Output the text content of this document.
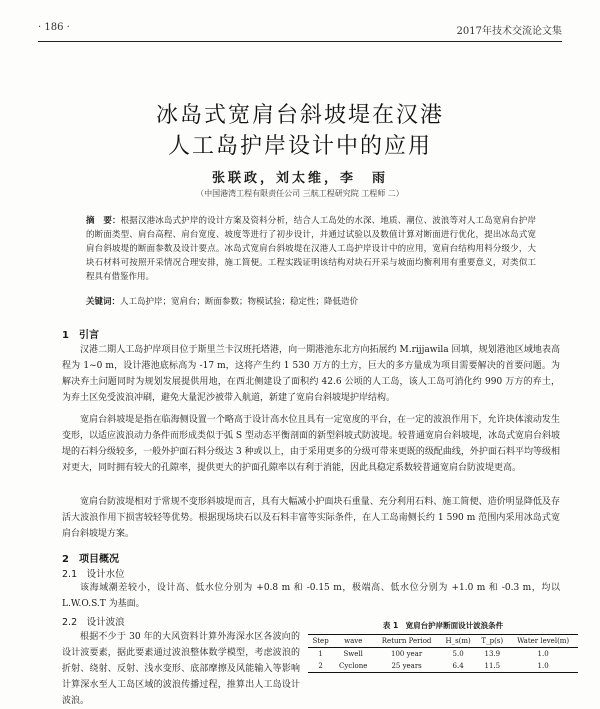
· 186 ·	2017年技术交流论文集
冰岛式宽肩台斜坡堤在汉港
人工岛护岸设计中的应用
张联政，刘太维，李　雨
（中国港湾工程有限责任公司 三航工程研究院 工程师 二）
摘　要：根据汉港冰岛式护岸的设计方案及资料分析，结合人工岛处的水深、地质、潮位、波浪等对人工岛宽肩台护岸的断面类型、肩台高程、肩台宽度、坡度等进行了初步设计，并通过试验以及数值计算对断面进行优化，提出冰岛式宽肩台斜坡堤的断面参数及设计要点。冰岛式宽肩台斜坡堤在汉港人工岛护岸设计中的应用，宽肩台结构用料分级少，大块石材料可按照开采情况合理安排，施工简便。工程实践证明该结构对块石开采与坡面均衡利用有重要意义，对类似工程具有借鉴作用。
关键词：人工岛护岸；宽肩台；断面参数；物模试验；稳定性；降低造价
1　引言
汉港二期人工岛护岸项目位于斯里兰卡汉班托塔港，向一期港池东北方向拓展约 M.rijjawila 回填，规划港池区域地表高程为 1~0 m，设计港池底标高为 -17 m，这将产生约 1 530 万方的土方，巨大的多方量成为项目需要解决的首要问题。为解决弃土问题同时为规划发展提供用地，在西北侧建设了面积约 42.6 公顷的人工岛，该人工岛可消化约 990 万方的弃土，为弃土区免受波浪冲刷，避免大量泥沙被带入航道，新建了宽肩台斜坡堤护岸结构。
宽肩台斜坡堤是指在临海侧设置一个略高于设计高水位且具有一定宽度的平台，在一定的波浪作用下，允许块体滚动发生变形，以适应波浪动力条件而形成类似于弧 S 型动态平衡剖面的新型斜坡式防波堤。较普通宽肩台斜坡堤，冰岛式宽肩台斜坡堤的石料分级较多，一般外护面石料分级达 3 种或以上，由于采用更多的分级可带来更既的级配曲线，外护面石料平均等级相对更大，同时拥有较大的孔隙率，提供更大的护面孔隙率以有利于消能，因此具稳定系数较普通宽肩台防波堤更高。
宽肩台防波堤相对于常规不变形斜坡堤而言，具有大幅减小护面块石重量、充分利用石料、施工简便、造价明显降低及存活大波浪作用下损害较轻等优势。根据现场块石以及石料丰富等实际条件，在人工岛南侧长约 1 590 m 范围内采用冰岛式宽肩台斜坡堤方案。
2　项目概况
2.1　设计水位
该海域潮差较小，设计高、低水位分别为 +0.8 m 和 -0.15 m，极端高、低水位分别为 +1.0 m 和 -0.3 m，均以 L.W.O.S.T 为基面。
2.2　设计波浪
根据不少于 30 年的大风资料计算外海深水区各波向的设计波要素，据此要素通过波浪整体数学模型，考虑波浪的折射、绕射、反射、浅水变形、底部摩擦及风能输入等影响计算深水至人工岛区域的波浪传播过程，推算出人工岛设计波浪。
表 1　宽肩台护岸断面设计波浪条件
Step	wave	Return Period	H_s(m)	T_p(s)	Water level(m)
1	Swell	100 year	5.0	13.9	1.0
2	Cyclone	25 years	6.4	11.5	1.0
